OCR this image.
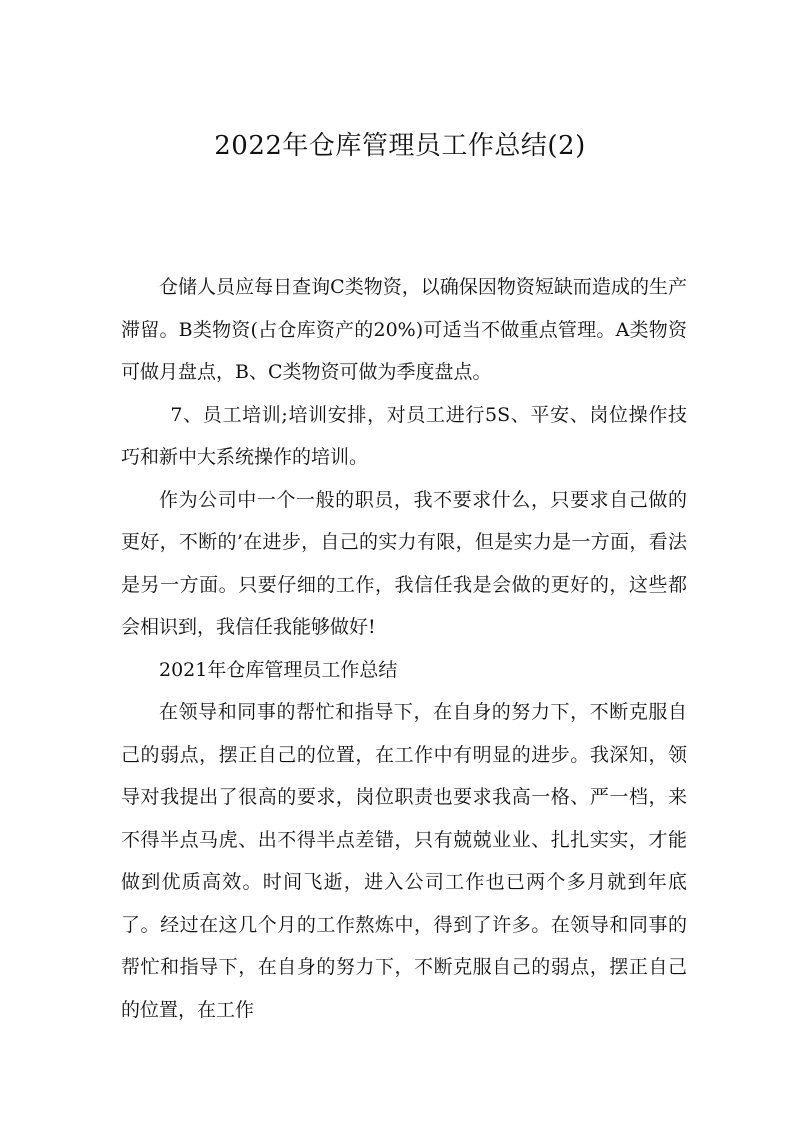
2022年仓库管理员工作总结(2)

仓储人员应每日查询C类物资，以确保因物资短缺而造成的生产滞留。B类物资(占仓库资产的20%)可适当不做重点管理。A类物资可做月盘点，B、C类物资可做为季度盘点。

7、员工培训;培训安排，对员工进行5S、平安、岗位操作技巧和新中大系统操作的培训。

作为公司中一个一般的职员，我不要求什么，只要求自己做的更好，不断的’在进步，自己的实力有限，但是实力是一方面，看法是另一方面。只要仔细的工作，我信任我是会做的更好的，这些都会相识到，我信任我能够做好!

2021年仓库管理员工作总结

在领导和同事的帮忙和指导下，在自身的努力下，不断克服自己的弱点，摆正自己的位置，在工作中有明显的进步。我深知，领导对我提出了很高的要求，岗位职责也要求我高一格、严一档，来不得半点马虎、出不得半点差错，只有兢兢业业、扎扎实实，才能做到优质高效。时间飞逝，进入公司工作也已两个多月就到年底了。经过在这几个月的工作熬炼中，得到了许多。在领导和同事的帮忙和指导下，在自身的努力下，不断克服自己的弱点，摆正自己的位置，在工作
